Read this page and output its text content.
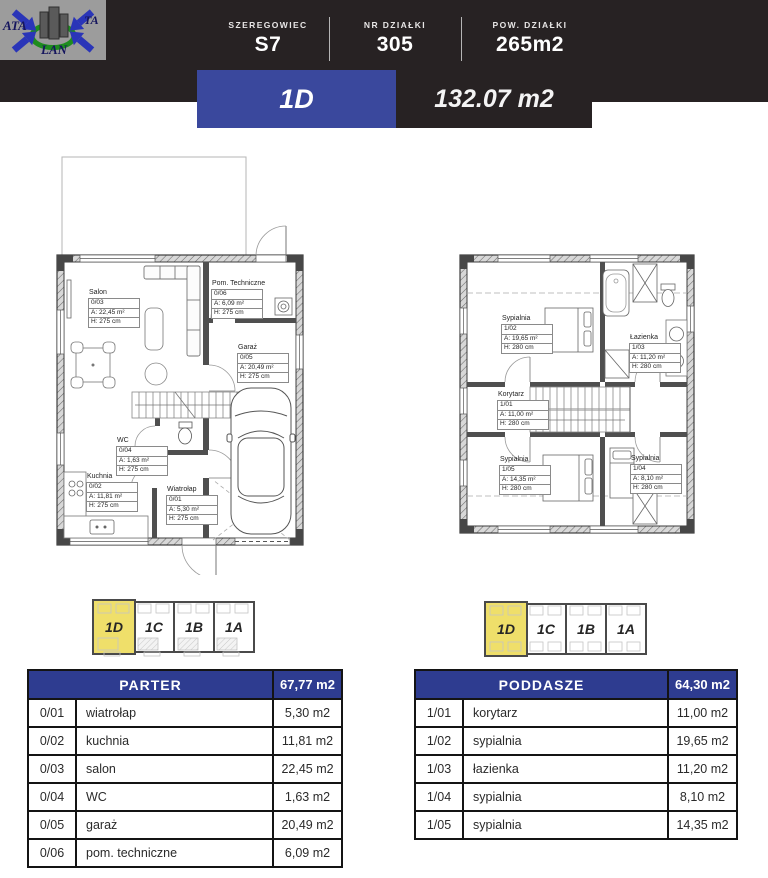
ATA	TA
LAN
SZEREGOWIEC
S7
NR DZIAŁKI
305
POW. DZIAŁKI
265m2
1D	132.07 m2
Salon
0/03
A: 22,45 m²
H: 275 cm
Pom. Techniczne
0/06
A: 6,09 m²
H: 275 cm
Garaż
0/05
A: 20,49 m²
H: 275 cm
WC
0/04
A: 1,63 m²
H: 275 cm
Kuchnia
0/02
A: 11,81 m²
H: 275 cm
Wiatrołap
0/01
A: 5,30 m²
H: 275 cm
Sypialnia
1/02
A: 19,65 m²
H: 280 cm
Łazienka
1/03
A: 11,20 m²
H: 280 cm
Korytarz
1/01
A: 11,00 m²
H: 280 cm
Sypialnia
1/05
A: 14,35 m²
H: 280 cm
Sypialnia
1/04
A: 8,10 m²
H: 280 cm
1D 1C 1B 1A	1D 1C 1B 1A
PARTER	67,77 m2
0/01	wiatrołap	5,30 m2
0/02	kuchnia	11,81 m2
0/03	salon	22,45 m2
0/04	WC	1,63 m2
0/05	garaż	20,49 m2
0/06	pom. techniczne	6,09 m2
PODDASZE	64,30 m2
1/01	korytarz	11,00 m2
1/02	sypialnia	19,65 m2
1/03	łazienka	11,20 m2
1/04	sypialnia	8,10 m2
1/05	sypialnia	14,35 m2
